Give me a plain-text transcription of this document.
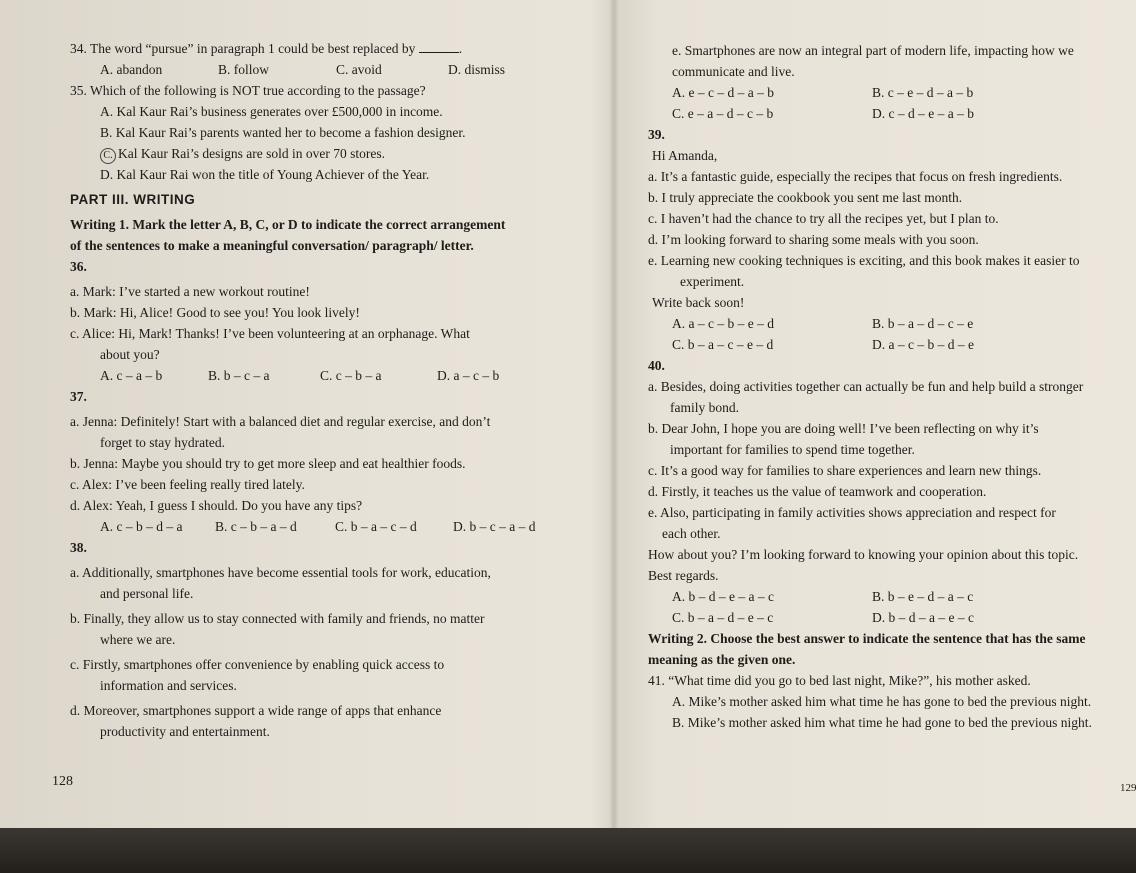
34. The word “pursue” in paragraph 1 could be best replaced by	.
A. abandon	B. follow	C. avoid	D. dismiss
35. Which of the following is NOT true according to the passage?
A. Kal Kaur Rai’s business generates over £500,000 in income.
B. Kal Kaur Rai’s parents wanted her to become a fashion designer.
C. Kal Kaur Rai’s designs are sold in over 70 stores.
D. Kal Kaur Rai won the title of Young Achiever of the Year.
PART III. WRITING
Writing 1. Mark the letter A, B, C, or D to indicate the correct arrangement
of the sentences to make a meaningful conversation/ paragraph/ letter.
36.
a. Mark: I’ve started a new workout routine!
b. Mark: Hi, Alice! Good to see you! You look lively!
c. Alice: Hi, Mark! Thanks! I’ve been volunteering at an orphanage. What
about you?
A. c – a – b	B. b – c – a	C. c – b – a	D. a – c – b
37.
a. Jenna: Definitely! Start with a balanced diet and regular exercise, and don’t
forget to stay hydrated.
b. Jenna: Maybe you should try to get more sleep and eat healthier foods.
c. Alex: I’ve been feeling really tired lately.
d. Alex: Yeah, I guess I should. Do you have any tips?
A. c – b – d – a	B. c – b – a – d	C. b – a – c – d	D. b – c – a – d
38.
a. Additionally, smartphones have become essential tools for work, education,
and personal life.
b. Finally, they allow us to stay connected with family and friends, no matter
where we are.
c. Firstly, smartphones offer convenience by enabling quick access to
information and services.
d. Moreover, smartphones support a wide range of apps that enhance
productivity and entertainment.
128
e. Smartphones are now an integral part of modern life, impacting how we
communicate and live.
A. e – c – d – a – b	B. c – e – d – a – b
C. e – a – d – c – b	D. c – d – e – a – b
39.
Hi Amanda,
a. It’s a fantastic guide, especially the recipes that focus on fresh ingredients.
b. I truly appreciate the cookbook you sent me last month.
c. I haven’t had the chance to try all the recipes yet, but I plan to.
d. I’m looking forward to sharing some meals with you soon.
e. Learning new cooking techniques is exciting, and this book makes it easier to
experiment.
Write back soon!
A. a – c – b – e – d	B. b – a – d – c – e
C. b – a – c – e – d	D. a – c – b – d – e
40.
a. Besides, doing activities together can actually be fun and help build a stronger
family bond.
b. Dear John, I hope you are doing well! I’ve been reflecting on why it’s
important for families to spend time together.
c. It’s a good way for families to share experiences and learn new things.
d. Firstly, it teaches us the value of teamwork and cooperation.
e. Also, participating in family activities shows appreciation and respect for
each other.
How about you? I’m looking forward to knowing your opinion about this topic.
Best regards.
A. b – d – e – a – c	B. b – e – d – a – c
C. b – a – d – e – c	D. b – d – a – e – c
Writing 2. Choose the best answer to indicate the sentence that has the same
meaning as the given one.
41. “What time did you go to bed last night, Mike?”, his mother asked.
A. Mike’s mother asked him what time he has gone to bed the previous night.
B. Mike’s mother asked him what time he had gone to bed the previous night.
129
